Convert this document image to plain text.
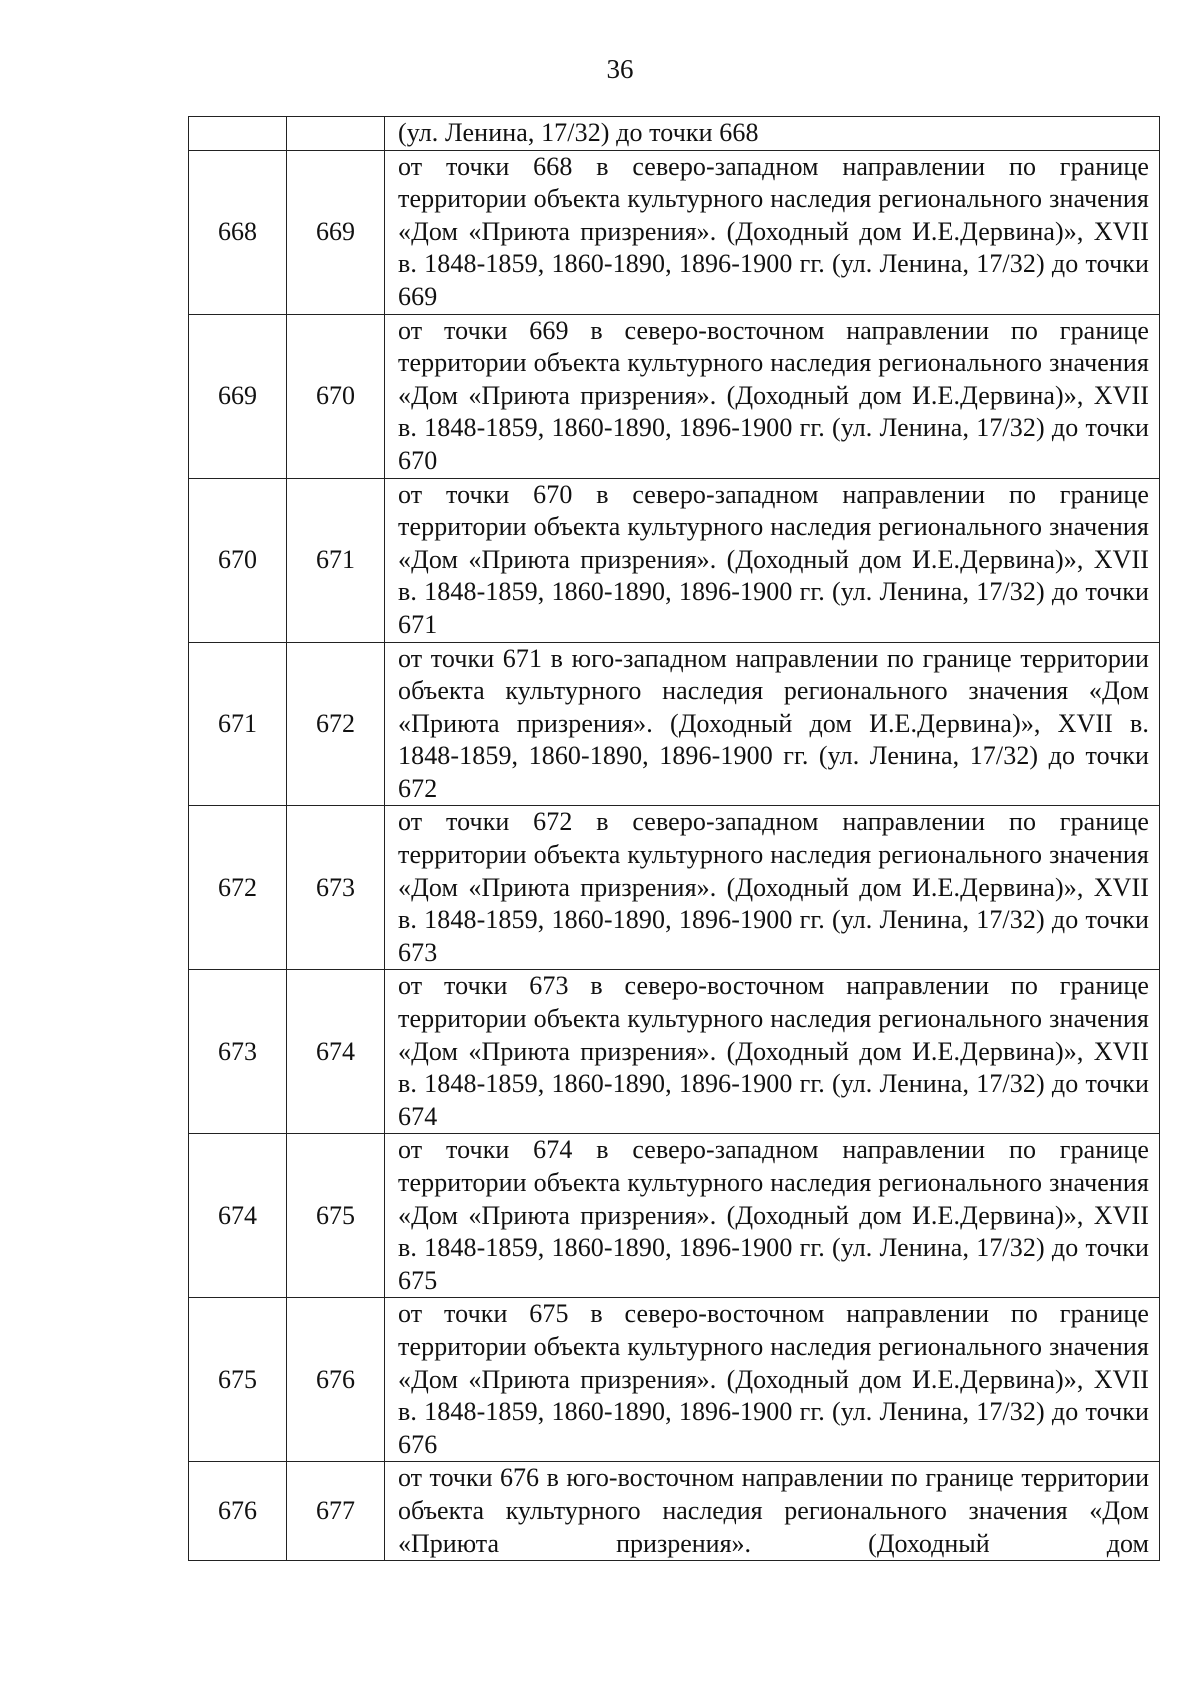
36

		(ул. Ленина, 17/32) до точки 668

668	669	от точки 668 в северо-западном направлении по границе территории объекта культурного наследия регионального значения «Дом «Приюта призрения». (Доходный дом И.Е.Дервина)», XVII в. 1848-1859, 1860-1890, 1896-1900 гг. (ул. Ленина, 17/32) до точки 669

669	670	от точки 669 в северо-восточном направлении по границе территории объекта культурного наследия регионального значения «Дом «Приюта призрения». (Доходный дом И.Е.Дервина)», XVII в. 1848-1859, 1860-1890, 1896-1900 гг. (ул. Ленина, 17/32) до точки 670

670	671	от точки 670 в северо-западном направлении по границе территории объекта культурного наследия регионального значения «Дом «Приюта призрения». (Доходный дом И.Е.Дервина)», XVII в. 1848-1859, 1860-1890, 1896-1900 гг. (ул. Ленина, 17/32) до точки 671

671	672	от точки 671 в юго-западном направлении по границе территории объекта культурного наследия регионального значения «Дом «Приюта призрения». (Доходный дом И.Е.Дервина)», XVII в. 1848-1859, 1860-1890, 1896-1900 гг. (ул. Ленина, 17/32) до точки 672

672	673	от точки 672 в северо-западном направлении по границе территории объекта культурного наследия регионального значения «Дом «Приюта призрения». (Доходный дом И.Е.Дервина)», XVII в. 1848-1859, 1860-1890, 1896-1900 гг. (ул. Ленина, 17/32) до точки 673

673	674	от точки 673 в северо-восточном направлении по границе территории объекта культурного наследия регионального значения «Дом «Приюта призрения». (Доходный дом И.Е.Дервина)», XVII в. 1848-1859, 1860-1890, 1896-1900 гг. (ул. Ленина, 17/32) до точки 674

674	675	от точки 674 в северо-западном направлении по границе территории объекта культурного наследия регионального значения «Дом «Приюта призрения». (Доходный дом И.Е.Дервина)», XVII в. 1848-1859, 1860-1890, 1896-1900 гг. (ул. Ленина, 17/32) до точки 675

675	676	от точки 675 в северо-восточном направлении по границе территории объекта культурного наследия регионального значения «Дом «Приюта призрения». (Доходный дом И.Е.Дервина)», XVII в. 1848-1859, 1860-1890, 1896-1900 гг. (ул. Ленина, 17/32) до точки 676

676	677	от точки 676 в юго-восточном направлении по границе территории объекта культурного наследия регионального значения «Дом «Приюта призрения». (Доходный дом
